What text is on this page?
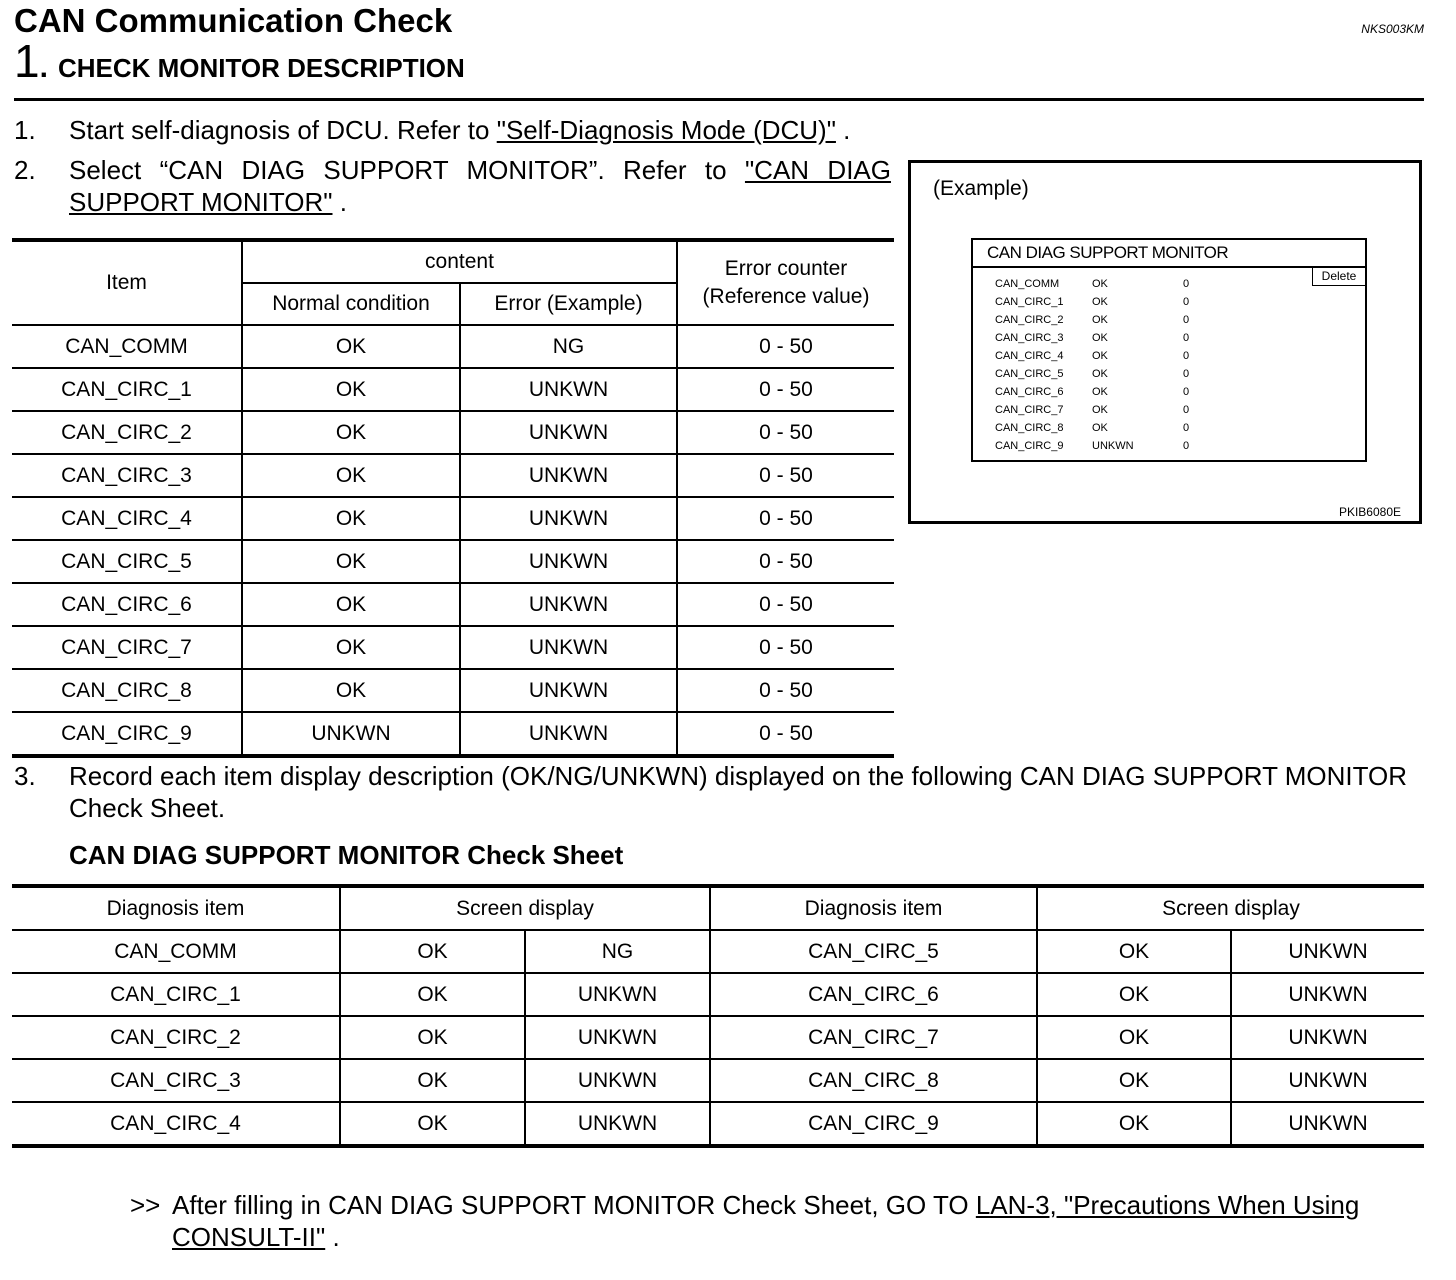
CAN Communication Check	NKS003KM
1 . CHECK MONITOR DESCRIPTION
1. Start self-diagnosis of DCU. Refer to "Self-Diagnosis Mode (DCU)" .
2. Select “CAN DIAG SUPPORT MONITOR”. Refer to "CAN DIAG SUPPORT MONITOR" .
Item	content		Error counter (Reference value)
	Normal condition	Error (Example)	
CAN_COMM	OK	NG	0 - 50
CAN_CIRC_1	OK	UNKWN	0 - 50
CAN_CIRC_2	OK	UNKWN	0 - 50
CAN_CIRC_3	OK	UNKWN	0 - 50
CAN_CIRC_4	OK	UNKWN	0 - 50
CAN_CIRC_5	OK	UNKWN	0 - 50
CAN_CIRC_6	OK	UNKWN	0 - 50
CAN_CIRC_7	OK	UNKWN	0 - 50
CAN_CIRC_8	OK	UNKWN	0 - 50
CAN_CIRC_9	UNKWN	UNKWN	0 - 50
(Example)
CAN DIAG SUPPORT MONITOR
Delete
CAN_COMM	OK	0
CAN_CIRC_1	OK	0
CAN_CIRC_2	OK	0
CAN_CIRC_3	OK	0
CAN_CIRC_4	OK	0
CAN_CIRC_5	OK	0
CAN_CIRC_6	OK	0
CAN_CIRC_7	OK	0
CAN_CIRC_8	OK	0
CAN_CIRC_9	UNKWN	0
PKIB6080E
3. Record each item display description (OK/NG/UNKWN) displayed on the following CAN DIAG SUPPORT MONITOR Check Sheet.
CAN DIAG SUPPORT MONITOR Check Sheet
Diagnosis item	Screen display		Diagnosis item	Screen display	
CAN_COMM	OK	NG	CAN_CIRC_5	OK	UNKWN
CAN_CIRC_1	OK	UNKWN	CAN_CIRC_6	OK	UNKWN
CAN_CIRC_2	OK	UNKWN	CAN_CIRC_7	OK	UNKWN
CAN_CIRC_3	OK	UNKWN	CAN_CIRC_8	OK	UNKWN
CAN_CIRC_4	OK	UNKWN	CAN_CIRC_9	OK	UNKWN
>> After filling in CAN DIAG SUPPORT MONITOR Check Sheet, GO TO LAN-3, "Precautions When Using CONSULT-II" .
